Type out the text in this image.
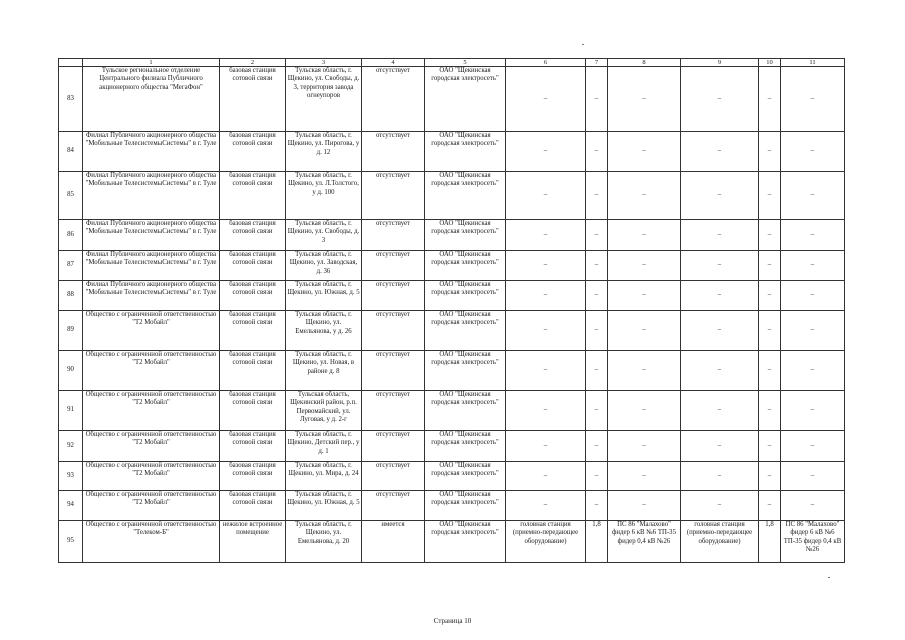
	1	2	3	4	5	6	7	8	9	10	11
83	Тульское региональное отделение Центрального филиала Публичного акционерного общества "МегаФон"	базовая станция сотовой связи	Тульская область, г. Щекино, ул. Свободы, д. 3, территория завода огнеупоров	отсутствует	ОАО "Щекинская городская электросеть"	–	–	–	–	–	–
84	Филиал Публичного акционерного общества "Мобильные ТелесистемыСистемы" в г. Туле	базовая станция сотовой связи	Тульская область, г. Щекино, ул. Пирогова, у д. 12	отсутствует	ОАО "Щекинская городская электросеть"	–	–	–	–	–	–
85	Филиал Публичного акционерного общества "Мобильные ТелесистемыСистемы" в г. Туле	базовая станция сотовой связи	Тульская область, г. Щекино, ул. Л.Толстого, у д. 100	отсутствует	ОАО "Щекинская городская электросеть"	–	–	–	–	–	–
86	Филиал Публичного акционерного общества "Мобильные ТелесистемыСистемы" в г. Туле	базовая станция сотовой связи	Тульская область, г. Щекино, ул. Свободы, д. 3	отсутствует	ОАО "Щекинская городская электросеть"	–	–	–	–	–	–
87	Филиал Публичного акционерного общества "Мобильные ТелесистемыСистемы" в г. Туле	базовая станция сотовой связи	Тульская область, г. Щекино, ул. Заводская, д. 36	отсутствует	ОАО "Щекинская городская электросеть"	–	–	–	–	–	–
88	Филиал Публичного акционерного общества "Мобильные ТелесистемыСистемы" в г. Туле	базовая станция сотовой связи	Тульская область, г. Щекино, ул. Южная, д. 5	отсутствует	ОАО "Щекинская городская электросеть"	–	–	–	–	–	–
89	Общество с ограниченной ответственностью "Т2 Мобайл"	базовая станция сотовой связи	Тульская область, г. Щекино, ул. Емельянова, у д. 26	отсутствует	ОАО "Щекинская городская электросеть"	–	–	–	–	–	–
90	Общество с ограниченной ответственностью "Т2 Мобайл"	базовая станция сотовой связи	Тульская область, г. Щекино, ул. Новая, в районе д. 8	отсутствует	ОАО "Щекинская городская электросеть"	–	–	–	–	–	–
91	Общество с ограниченной ответственностью "Т2 Мобайл"	базовая станция сотовой связи	Тульская область, Щекинский район, р.п. Первомайский, ул. Луговая, у д. 2-г	отсутствует	ОАО "Щекинская городская электросеть"	–	–	–	–	–	–
92	Общество с ограниченной ответственностью "Т2 Мобайл"	базовая станция сотовой связи	Тульская область, г. Щекино, Детский пер., у д. 1	отсутствует	ОАО "Щекинская городская электросеть"	–	–	–	–	–	–
93	Общество с ограниченной ответственностью "Т2 Мобайл"	базовая станция сотовой связи	Тульская область, г. Щекино, ул. Мира, д. 24	отсутствует	ОАО "Щекинская городская электросеть"	–	–	–	–	–	–
94	Общество с ограниченной ответственностью "Т2 Мобайл"	базовая станция сотовой связи	Тульская область, г. Щекино, ул. Южная, д. 5	отсутствует	ОАО "Щекинская городская электросеть"	–	–	–	–	–	–
95	Общество с ограниченной ответственностью "Телеком-Б"	нежилое встроенное помещение	Тульская область, г. Щекино, ул. Емельянова, д. 20	имеется	ОАО "Щекинская городская электросеть"	головная станция (приемно-передающее оборудование)	1,8	ПС 86 "Малахово" фидер 6 кВ №6 ТП-35 фидер 0,4 кВ №26	головная станция (приемно-передающее оборудование)	1,8	ПС 86 "Малахово" фидер 6 кВ №6 ТП-35 фидер 0,4 кВ №26
Страница 10
